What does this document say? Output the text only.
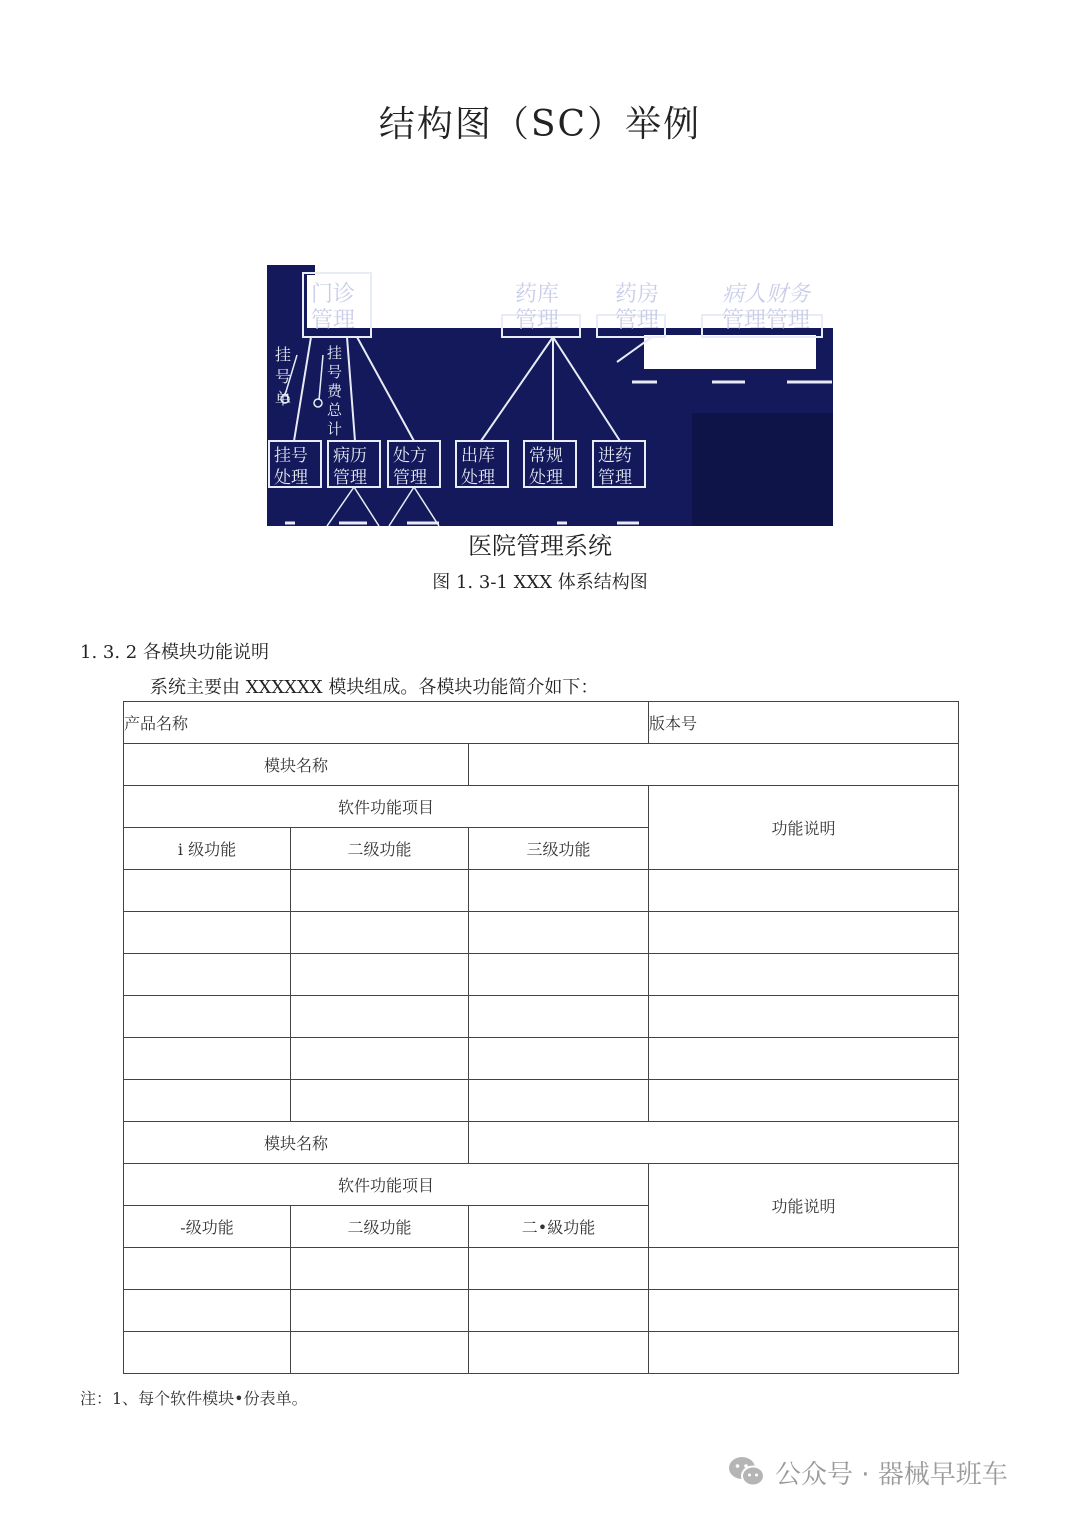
结构图（SC）举例
门诊
管理
药库
管理
药房
管理
病人财务
管理管理
挂号单
挂号费总计
挂号
处理
病历
管理
处方
管理
出库
处理
常规
处理
进药
管理
医院管理系统
图 1. 3-1 XXX 体系结构图
1. 3. 2 各模块功能说明
系统主要由 XXXXXX 模块组成。各模块功能简介如下：
产品名称			版本号
模块名称			
软件功能项目			功能说明
i 级功能	二级功能	三级功能	

模块名称			
软件功能项目			功能说明
-级功能	二级功能	二•級功能	

注：1、每个软件模块•份表单。
公众号 · 器械早班车
